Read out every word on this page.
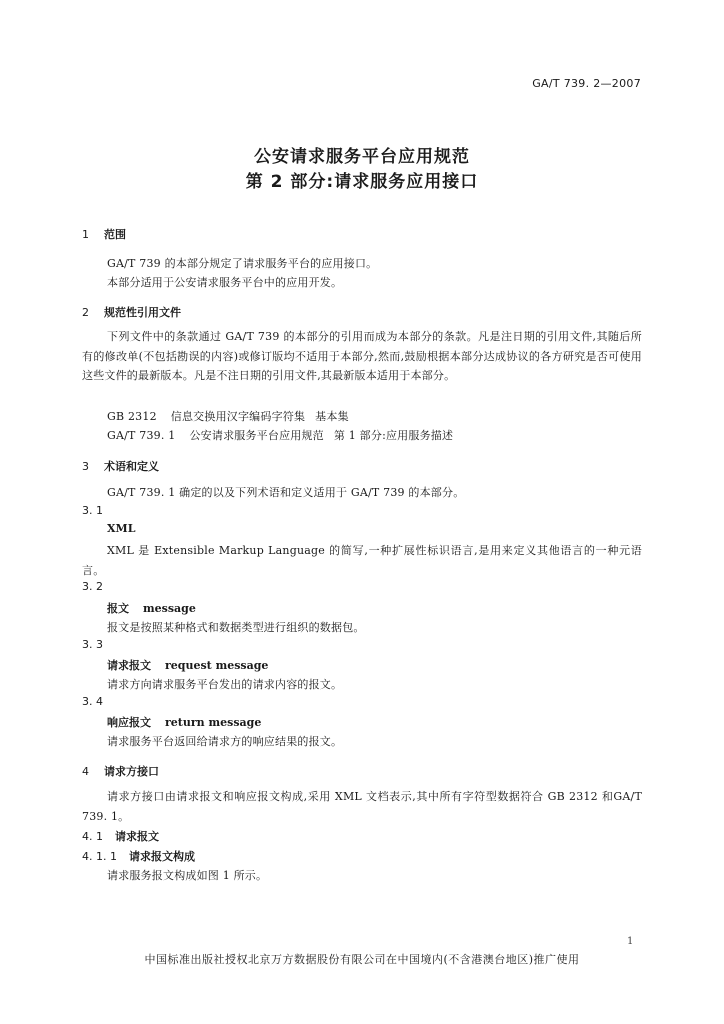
GA/T 739. 2—2007
公安请求服务平台应用规范
第 2 部分:请求服务应用接口
1 范围
GA/T 739 的本部分规定了请求服务平台的应用接口。
本部分适用于公安请求服务平台中的应用开发。
2 规范性引用文件
下列文件中的条款通过 GA/T 739 的本部分的引用而成为本部分的条款。凡是注日期的引用文件,其随后所有的修改单(不包括勘误的内容)或修订版均不适用于本部分,然而,鼓励根据本部分达成协议的各方研究是否可使用这些文件的最新版本。凡是不注日期的引用文件,其最新版本适用于本部分。
GB 2312 信息交换用汉字编码字符集 基本集
GA/T 739. 1 公安请求服务平台应用规范 第 1 部分:应用服务描述
3 术语和定义
GA/T 739. 1 确定的以及下列术语和定义适用于 GA/T 739 的本部分。
3. 1
XML
XML 是 Extensible Markup Language 的简写,一种扩展性标识语言,是用来定义其他语言的一种元语言。
3. 2
报文 message
报文是按照某种格式和数据类型进行组织的数据包。
3. 3
请求报文 request message
请求方向请求服务平台发出的请求内容的报文。
3. 4
响应报文 return message
请求服务平台返回给请求方的响应结果的报文。
4 请求方接口
请求方接口由请求报文和响应报文构成,采用 XML 文档表示,其中所有字符型数据符合 GB 2312 和GA/T 739. 1。
4. 1 请求报文
4. 1. 1 请求报文构成
请求服务报文构成如图 1 所示。
1
中国标准出版社授权北京万方数据股份有限公司在中国境内(不含港澳台地区)推广使用
